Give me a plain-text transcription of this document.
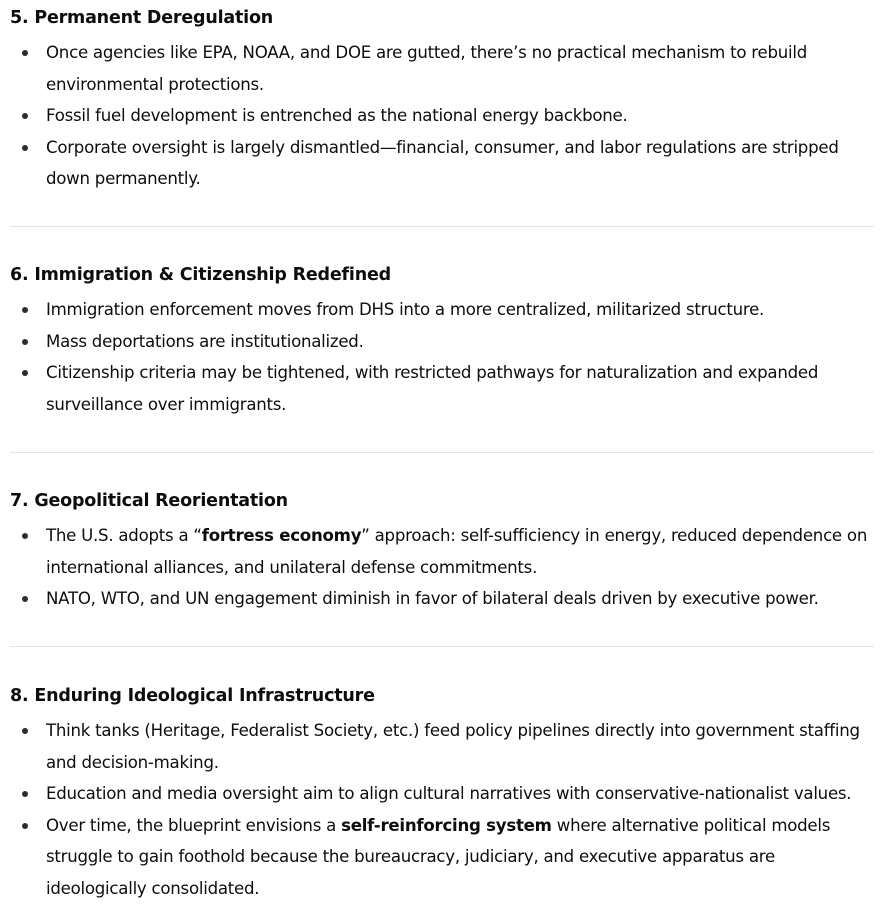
5. Permanent Deregulation
Once agencies like EPA, NOAA, and DOE are gutted, there’s no practical mechanism to rebuild environmental protections.
Fossil fuel development is entrenched as the national energy backbone.
Corporate oversight is largely dismantled—financial, consumer, and labor regulations are stripped down permanently.
6. Immigration & Citizenship Redefined
Immigration enforcement moves from DHS into a more centralized, militarized structure.
Mass deportations are institutionalized.
Citizenship criteria may be tightened, with restricted pathways for naturalization and expanded surveillance over immigrants.
7. Geopolitical Reorientation
The U.S. adopts a “fortress economy” approach: self-sufficiency in energy, reduced dependence on international alliances, and unilateral defense commitments.
NATO, WTO, and UN engagement diminish in favor of bilateral deals driven by executive power.
8. Enduring Ideological Infrastructure
Think tanks (Heritage, Federalist Society, etc.) feed policy pipelines directly into government staffing and decision-making.
Education and media oversight aim to align cultural narratives with conservative-nationalist values.
Over time, the blueprint envisions a self-reinforcing system where alternative political models struggle to gain foothold because the bureaucracy, judiciary, and executive apparatus are ideologically consolidated.
